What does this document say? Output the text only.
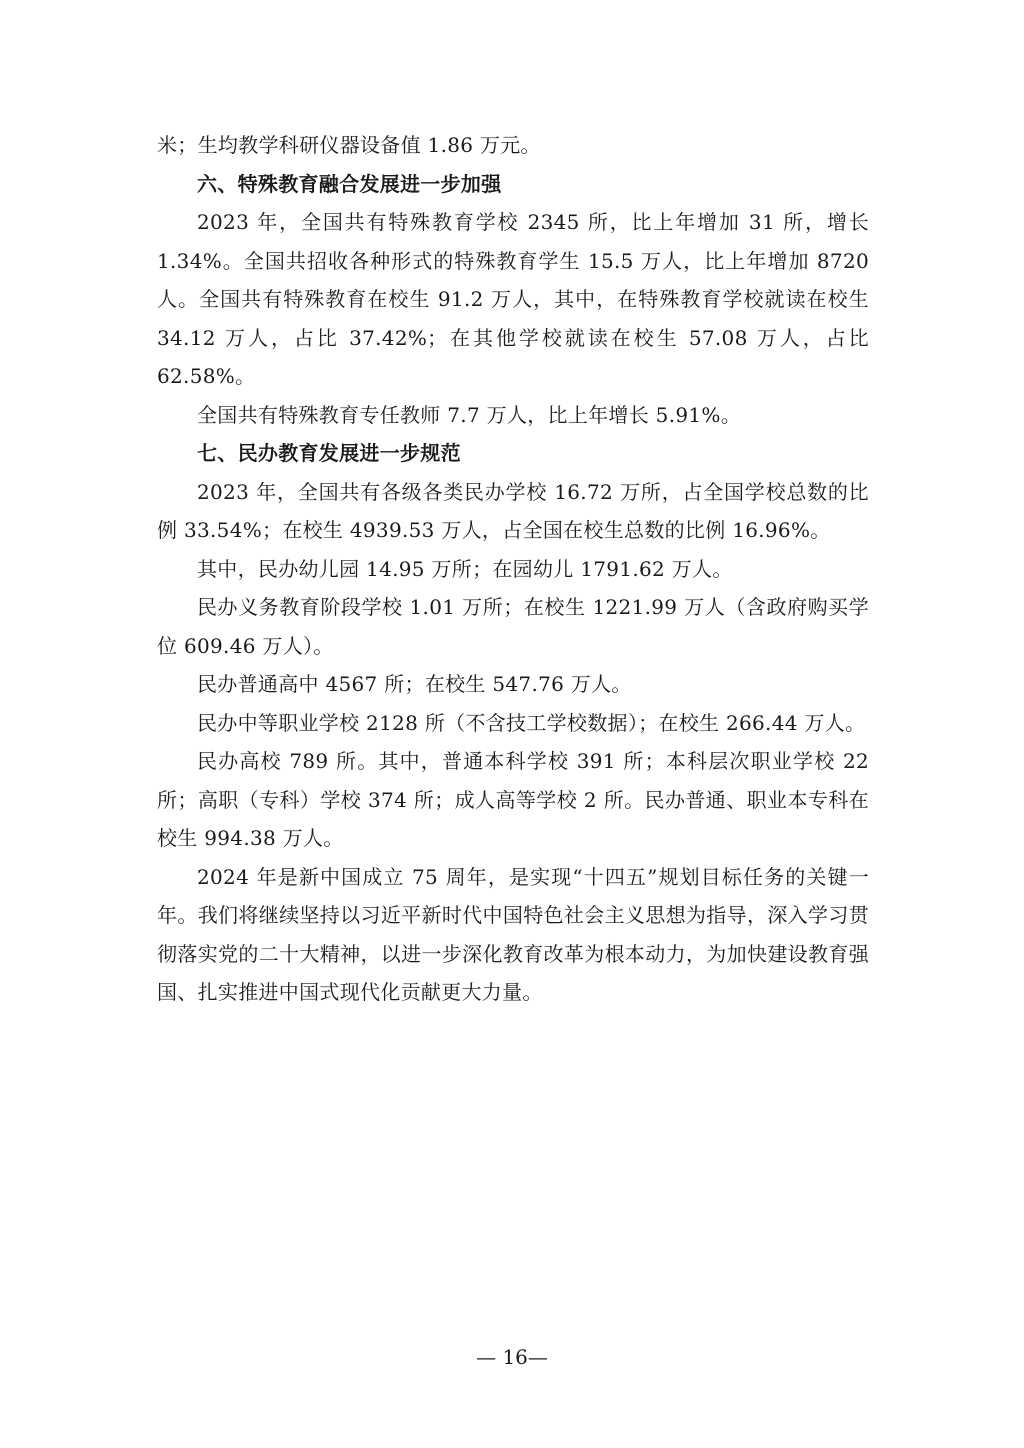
米；生均教学科研仪器设备值 1.86 万元。

六、特殊教育融合发展进一步加强

2023 年，全国共有特殊教育学校 2345 所，比上年增加 31 所，增长 1.34%。全国共招收各种形式的特殊教育学生 15.5 万人，比上年增加 8720 人。全国共有特殊教育在校生 91.2 万人，其中，在特殊教育学校就读在校生 34.12 万人，占比 37.42%；在其他学校就读在校生 57.08 万人，占比 62.58%。

全国共有特殊教育专任教师 7.7 万人，比上年增长 5.91%。

七、民办教育发展进一步规范

2023 年，全国共有各级各类民办学校 16.72 万所，占全国学校总数的比例 33.54%；在校生 4939.53 万人，占全国在校生总数的比例 16.96%。

其中，民办幼儿园 14.95 万所；在园幼儿 1791.62 万人。

民办义务教育阶段学校 1.01 万所；在校生 1221.99 万人（含政府购买学位 609.46 万人）。

民办普通高中 4567 所；在校生 547.76 万人。

民办中等职业学校 2128 所（不含技工学校数据）；在校生 266.44 万人。

民办高校 789 所。其中，普通本科学校 391 所；本科层次职业学校 22 所；高职（专科）学校 374 所；成人高等学校 2 所。民办普通、职业本专科在校生 994.38 万人。

2024 年是新中国成立 75 周年，是实现“十四五”规划目标任务的关键一年。我们将继续坚持以习近平新时代中国特色社会主义思想为指导，深入学习贯彻落实党的二十大精神，以进一步深化教育改革为根本动力，为加快建设教育强国、扎实推进中国式现代化贡献更大力量。

— 16—
